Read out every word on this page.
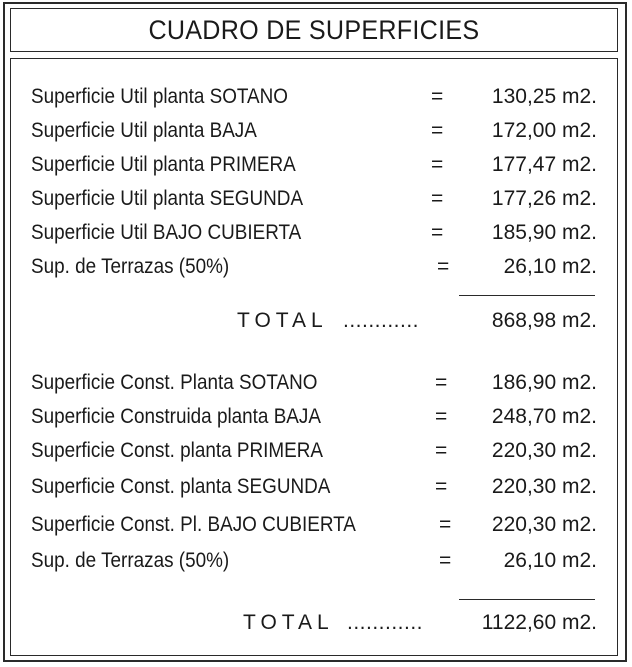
CUADRO DE SUPERFICIES
Superficie Util planta SOTANO	= 130,25 m2.
Superficie Util planta BAJA	= 172,00 m2.
Superficie Util planta PRIMERA	= 177,47 m2.
Superficie Util planta SEGUNDA	= 177,26 m2.
Superficie Util BAJO CUBIERTA	= 185,90 m2.
Sup. de Terrazas (50%)	=	26,10 m2.
TOTAL ............	868,98 m2.
Superficie Const. Planta SOTANO	= 186,90 m2.
Superficie Construida planta BAJA	= 248,70 m2.
Superficie Const. planta PRIMERA	= 220,30 m2.
Superficie Const. planta SEGUNDA	= 220,30 m2.
Superficie Const. Pl. BAJO CUBIERTA	= 220,30 m2.
Sup. de Terrazas (50%)	= 26,10 m2.
TOTAL ............	1122,60 m2.
